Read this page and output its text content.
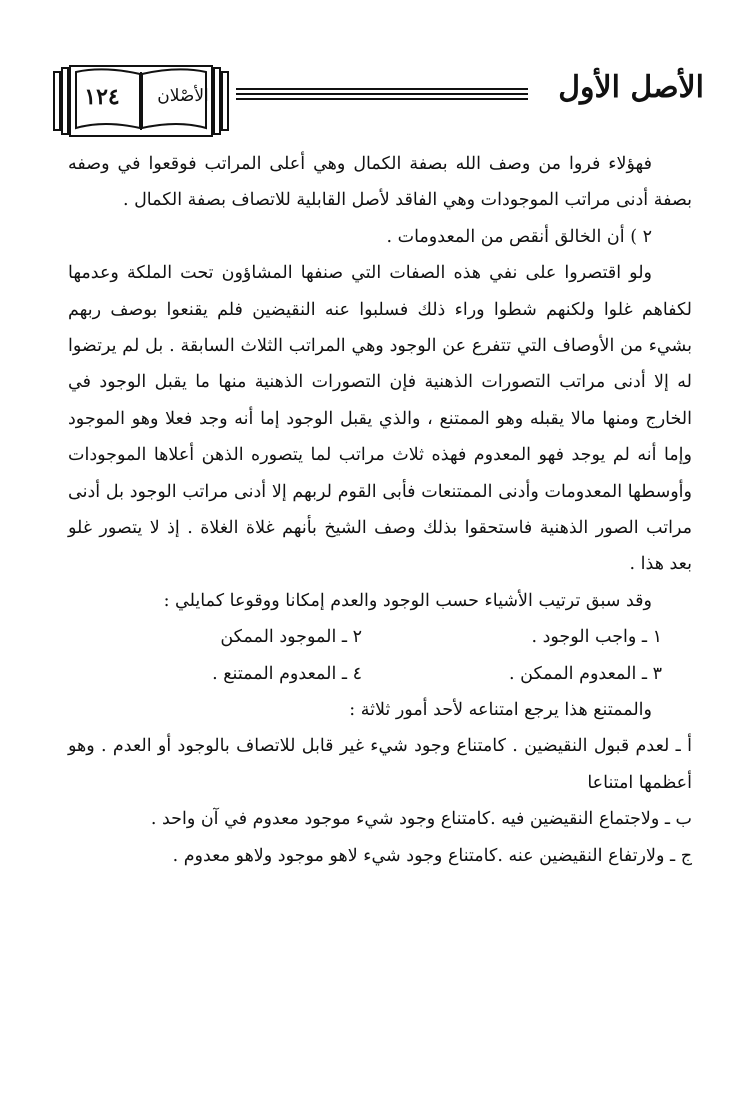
١٢٤	الأصْلان	الأصل الأول

فهؤلاء فروا من وصف الله بصفة الكمال وهي أعلى المراتب فوقعوا في وصفه بصفة أدنى مراتب الموجودات وهي الفاقد لأصل القابلية للاتصاف بصفة الكمال .

٢ ) أن الخالق أنقص من المعدومات .

ولو اقتصروا على نفي هذه الصفات التي صنفها المشاؤون تحت الملكة وعدمها لكفاهم غلوا ولكنهم شطوا وراء ذلك فسلبوا عنه النقيضين فلم يقنعوا بوصف ربهم بشيء من الأوصاف التي تتفرع عن الوجود وهي المراتب الثلاث السابقة . بل لم يرتضوا له إلا أدنى مراتب التصورات الذهنية فإن التصورات الذهنية منها ما يقبل الوجود في الخارج ومنها مالا يقبله وهو الممتنع ، والذي يقبل الوجود إما أنه وجد فعلا وهو الموجود وإما أنه لم يوجد فهو المعدوم فهذه ثلاث مراتب لما يتصوره الذهن أعلاها الموجودات وأوسطها المعدومات وأدنى الممتنعات فأبى القوم لربهم إلا أدنى مراتب الوجود بل أدنى مراتب الصور الذهنية فاستحقوا بذلك وصف الشيخ بأنهم غلاة الغلاة . إذ لا يتصور غلو بعد هذا .

وقد سبق ترتيب الأشياء حسب الوجود والعدم إمكانا ووقوعا كمايلي :

١ ـ واجب الوجود .
٢ ـ الموجود الممكن
٣ ـ المعدوم الممكن .
٤ ـ المعدوم الممتنع .

والممتنع هذا يرجع امتناعه لأحد أمور ثلاثة :

أ ـ لعدم قبول النقيضين . كامتناع وجود شيء غير قابل للاتصاف بالوجود أو العدم . وهو أعظمها امتناعا

ب ـ ولاجتماع النقيضين فيه .كامتناع وجود شيء موجود معدوم في آن واحد .

ج ـ ولارتفاع النقيضين عنه .كامتناع وجود شيء لاهو موجود ولاهو معدوم .
